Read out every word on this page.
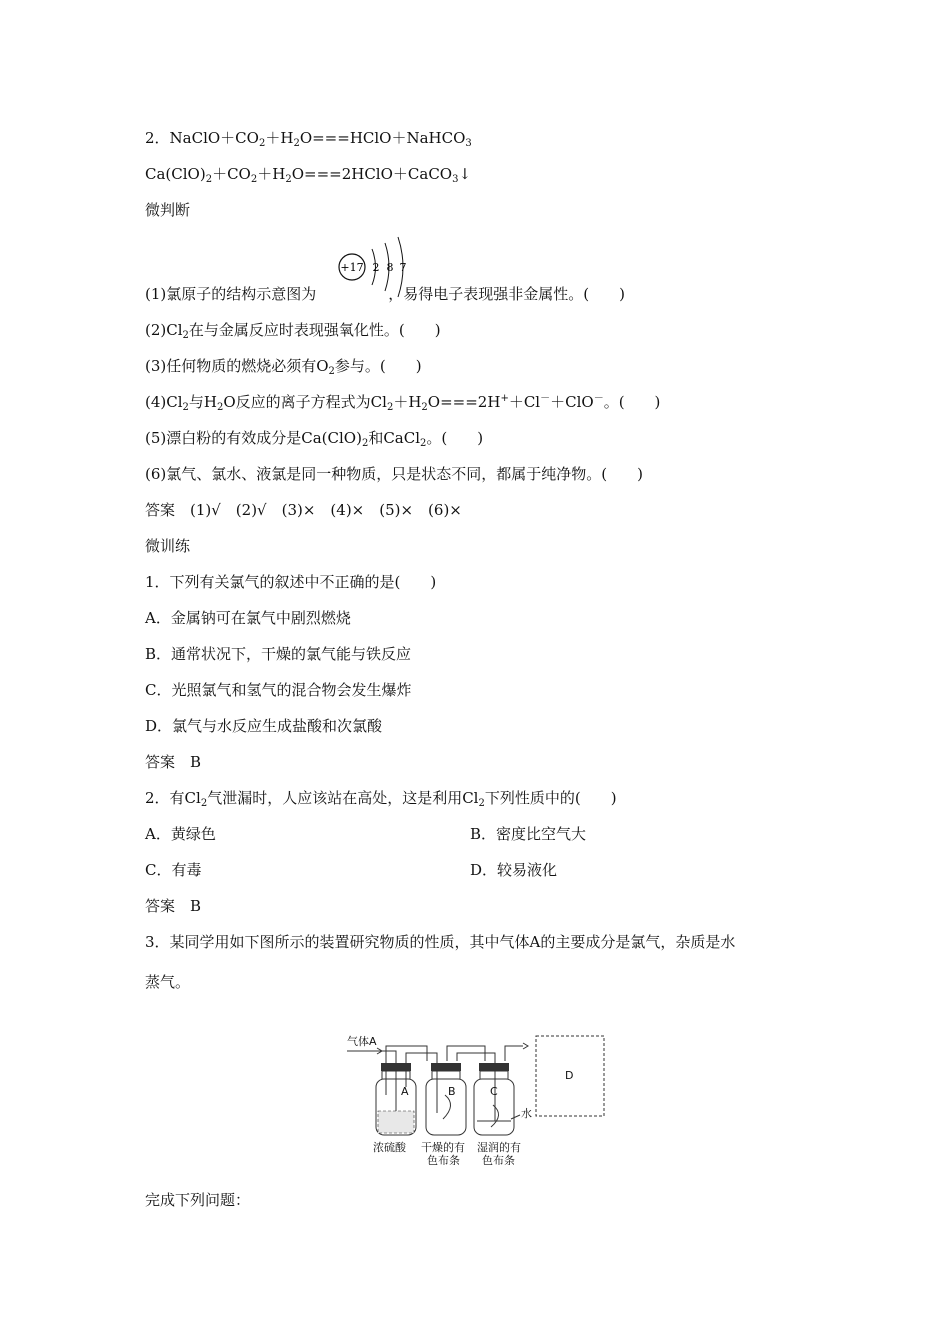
2．$NaClO+CO_2+H_2O===HClO+NaHCO_3$
$Ca(ClO)_2+CO_2+H_2O===2HClO+CaCO_3↓$
微判断
+17 2 8 7
(1)氯原子的结构示意图为	，易得电子表现强非金属性。(　　)
$(2)Cl_2$在与金属反应时表现强氧化性。(　　)
(3)任何物质的燃烧必须有$O_2$参与。(　　)
$(4)Cl_2$与$H_2O$反应的离子方程式为$Cl_2+H_2O===2H^++Cl^-+ClO^-$。(　　)
(5)漂白粉的有效成分是$Ca(ClO)_2$和CaCl$_2$。(　　)
(6)氯气、氯水、液氯是同一种物质，只是状态不同，都属于纯净物。(　　)
答案　(1)√　(2)√　(3)×　(4)×　(5)×　(6)×
微训练
1．下列有关氯气的叙述中不正确的是(　　)
A．金属钠可在氯气中剧烈燃烧
B．通常状况下，干燥的氯气能与铁反应
C．光照氯气和氢气的混合物会发生爆炸
D．氯气与水反应生成盐酸和次氯酸
答案　B
2．有$Cl_2$气泄漏时，人应该站在高处，这是利用$Cl_2$下列性质中的(　　)
A．黄绿色	B．密度比空气大
C．有毒	D．较易液化
答案　B
3．某同学用如下图所示的装置研究物质的性质，其中气体A的主要成分是氯气，杂质是水
蒸气。
气体A
A	B	C
D
水
浓硫酸 干燥的有
色布条
湿润的有
色布条
完成下列问题：
